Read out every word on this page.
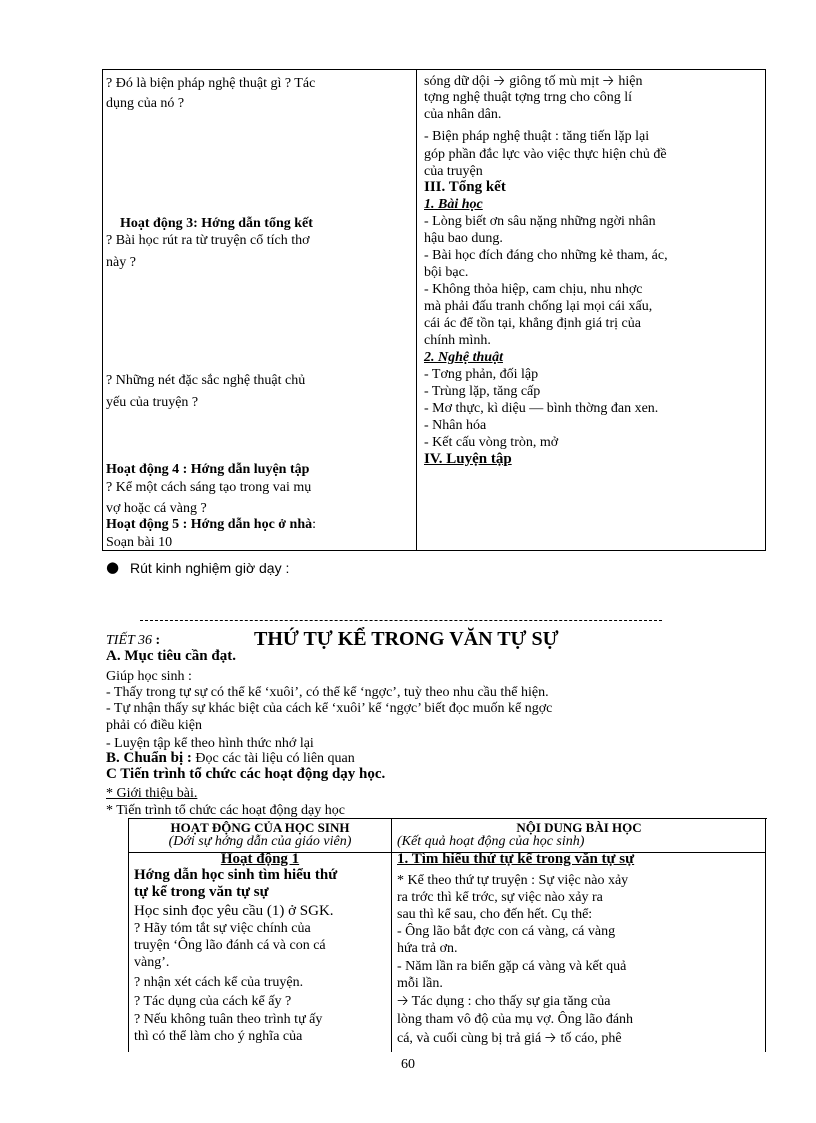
? Đó là biện pháp nghệ thuật gì ? Tác
dụng của nó ?
Hoạt động 3: Hớng dẫn tổng kết
? Bài học rút ra từ truyện cổ tích thơ
này ?
? Những nét đặc sắc nghệ thuật chủ
yếu của truyện ?
Hoạt động 4 : Hớng dẫn luyện tập
? Kể một cách sáng tạo trong vai mụ
vợ hoặc cá vàng ?
Hoạt động 5 : Hớng dẫn học ở nhà:
Soạn bài 10
sóng dữ dội 🡢 giông tố mù mịt 🡢 hiện
tợng nghệ thuật tợng trng cho công lí
của nhân dân.
- Biện pháp nghệ thuật : tăng tiến lặp lại
góp phần đắc lực vào việc thực hiện chủ đề
của truyện
III. Tổng kết
1. Bài học
- Lòng biết ơn sâu nặng những ngời nhân
hậu bao dung.
- Bài học đích đáng cho những kẻ tham, ác,
bội bạc.
- Không thỏa hiệp, cam chịu, nhu nhợc
mà phải đấu tranh chống lại mọi cái xấu,
cái ác để tồn tại, khẳng định giá trị của
chính mình.
2. Nghệ thuật
- Tơng phản, đối lập
- Trùng lặp, tăng cấp
- Mơ thực, kì diệu — bình thờng đan xen.
- Nhân hóa
- Kết cấu vòng tròn, mở
IV. Luyện tập
● Rút kinh nghiệm giờ dạy :
TIẾT 36 :	THỨ TỰ KỂ TRONG VĂN TỰ SỰ
A. Mục tiêu cần đạt.
Giúp học sinh :
- Thấy trong tự sự có thể kể ‘xuôi’, có thể kể ‘ngợc’, tuỳ theo nhu cầu thể hiện.
- Tự nhận thấy sự khác biệt của cách kể ‘xuôi’ kể ‘ngợc’ biết đọc muốn kể ngợc
phải có điều kiện
- Luyện tập kể theo hình thức nhớ lại
B. Chuẩn bị : Đọc các tài liệu có liên quan
C Tiến trình tổ chức các hoạt động dạy học.
* Giới thiệu bài.
* Tiến trình tổ chức các hoạt động dạy học
HOẠT ĐỘNG CỦA HỌC SINH
(Dới sự hớng dẫn của giáo viên)
Hoạt động 1
Hớng dẫn học sinh tìm hiểu thứ
tự kể trong văn tự sự
Học sinh đọc yêu cầu (1) ở SGK.
? Hãy tóm tắt sự việc chính của
truyện ‘Ông lão đánh cá và con cá
vàng’.
? nhận xét cách kể của truyện.
? Tác dụng của cách kể ấy ?
? Nếu không tuân theo trình tự ấy
thì có thể làm cho ý nghĩa của
NỘI DUNG BÀI HỌC
(Kết quả hoạt động của học sinh)
1. Tìm hiểu thứ tự kể trong văn tự sự
* Kể theo thứ tự truyện : Sự việc nào xảy
ra trớc thì kể trớc, sự việc nào xảy ra
sau thì kể sau, cho đến hết. Cụ thể:
- Ông lão bắt đợc con cá vàng, cá vàng
hứa trả ơn.
- Năm lần ra biển gặp cá vàng và kết quả
mỗi lần.
🡢 Tác dụng : cho thấy sự gia tăng của
lòng tham vô độ của mụ vợ. Ông lão đánh
cá, và cuối cùng bị trả giá 🡢 tố cáo, phê
60
